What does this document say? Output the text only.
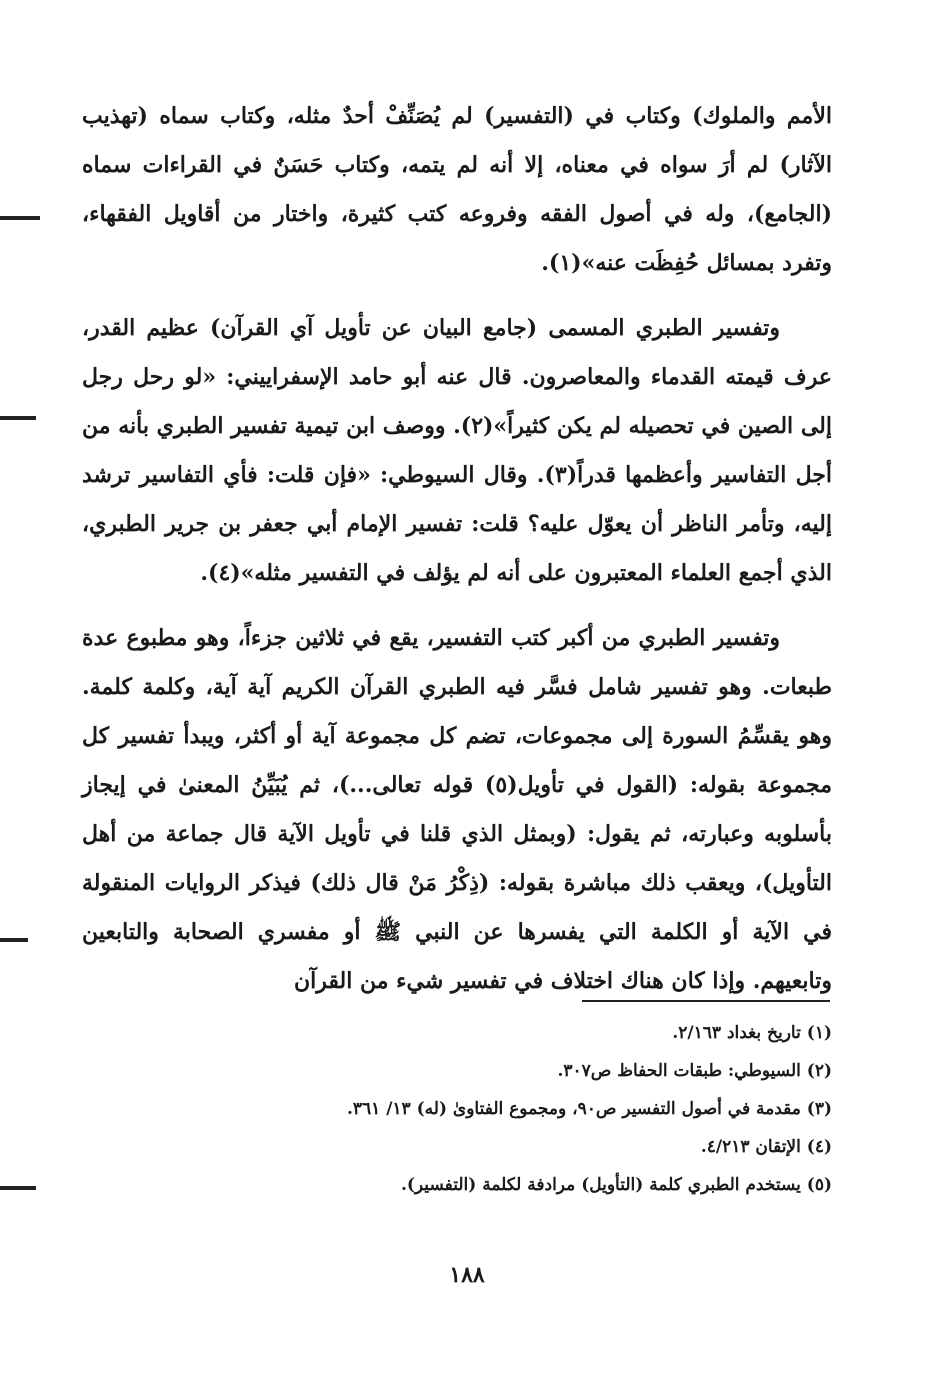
الأمم والملوك) وكتاب في (التفسير) لم يُصَنِّفْ أحدٌ مثله، وكتاب سماه (تهذيب الآثار) لم أرَ سواه في معناه، إلا أنه لم يتمه، وكتاب حَسَنٌ في القراءات سماه (الجامع)، وله في أصول الفقه وفروعه كتب كثيرة، واختار من أقاويل الفقهاء، وتفرد بمسائل حُفِظَت عنه»(١).

وتفسير الطبري المسمى (جامع البيان عن تأويل آي القرآن) عظيم القدر، عرف قيمته القدماء والمعاصرون. قال عنه أبو حامد الإسفراييني: «لو رحل رجل إلى الصين في تحصيله لم يكن كثيراً»(٢). ووصف ابن تيمية تفسير الطبري بأنه من أجل التفاسير وأعظمها قدراً(٣). وقال السيوطي: «فإن قلت: فأي التفاسير ترشد إليه، وتأمر الناظر أن يعوّل عليه؟ قلت: تفسير الإمام أبي جعفر بن جرير الطبري، الذي أجمع العلماء المعتبرون على أنه لم يؤلف في التفسير مثله»(٤).

وتفسير الطبري من أكبر كتب التفسير، يقع في ثلاثين جزءاً، وهو مطبوع عدة طبعات. وهو تفسير شامل فسَّر فيه الطبري القرآن الكريم آية آية، وكلمة كلمة. وهو يقسِّمُ السورة إلى مجموعات، تضم كل مجموعة آية أو أكثر، ويبدأ تفسير كل مجموعة بقوله: (القول في تأويل(٥) قوله تعالى...)، ثم يُبَيِّنُ المعنىٰ في إيجاز بأسلوبه وعبارته، ثم يقول: (وبمثل الذي قلنا في تأويل الآية قال جماعة من أهل التأويل)، ويعقب ذلك مباشرة بقوله: (ذِكْرُ مَنْ قال ذلك) فيذكر الروايات المنقولة في الآية أو الكلمة التي يفسرها عن النبي ﷺ أو مفسري الصحابة والتابعين وتابعيهم. وإذا كان هناك اختلاف في تفسير شيء من القرآن

(١) تاريخ بغداد ٢/١٦٣.

(٢) السيوطي: طبقات الحفاظ ص٣٠٧.

(٣) مقدمة في أصول التفسير ص٩٠، ومجموع الفتاوىٰ (له) ١٣/ ٣٦١.

(٤) الإتقان ٤/٢١٣.

(٥) يستخدم الطبري كلمة (التأويل) مرادفة لكلمة (التفسير).

١٨٨
